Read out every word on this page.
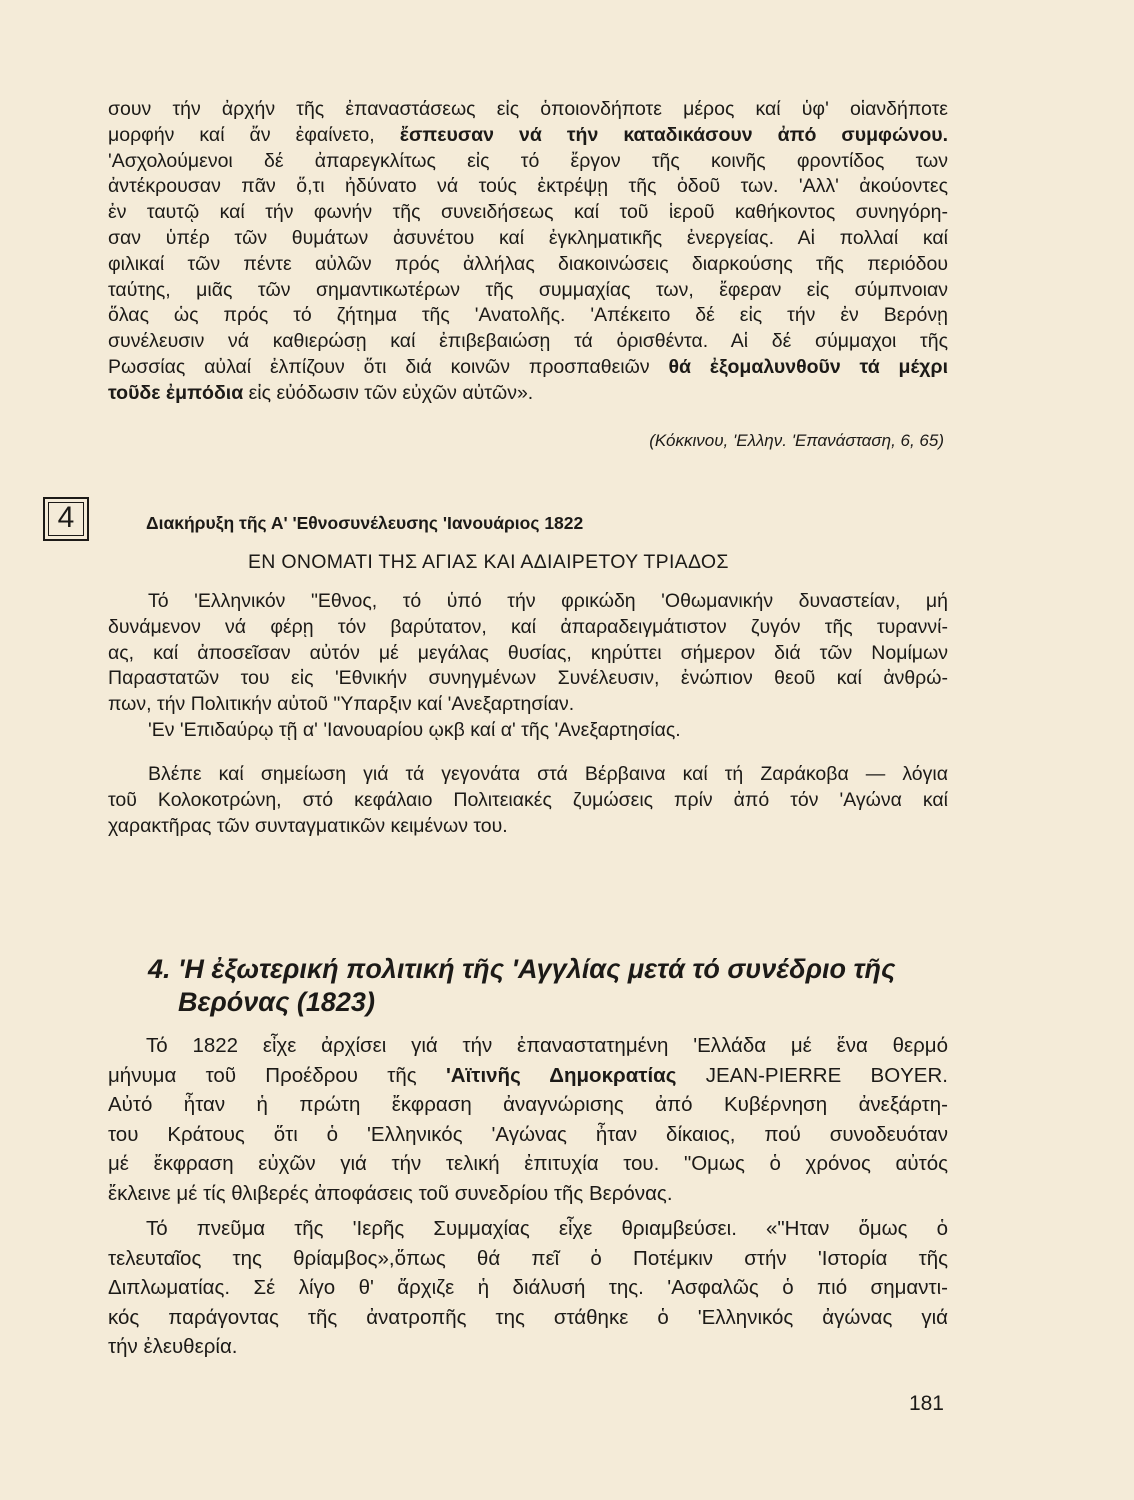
σουν τήν ἀρχήν τῆς ἐπαναστάσεως εἰς ὁποιονδήποτε μέρος καί ὑφ' οἱανδήποτε
μορφήν καί ἄν ἐφαίνετο, ἔσπευσαν νά τήν καταδικάσουν ἀπό συμφώνου.
'Ασχολούμενοι δέ ἀπαρεγκλίτως εἰς τό ἔργον τῆς κοινῆς φροντίδος των
ἀντέκρουσαν πᾶν ὅ,τι ἠδύνατο νά τούς ἐκτρέψῃ τῆς ὁδοῦ των. 'Αλλ' ἀκούοντες
ἐν ταυτῷ καί τήν φωνήν τῆς συνειδήσεως καί τοῦ ἱεροῦ καθήκοντος συνηγόρη-
σαν ὑπέρ τῶν θυμάτων ἀσυνέτου καί ἐγκληματικῆς ἐνεργείας. Αἱ πολλαί καί
φιλικαί τῶν πέντε αὐλῶν πρός ἀλλήλας διακοινώσεις διαρκούσης τῆς περιόδου
ταύτης, μιᾶς τῶν σημαντικωτέρων τῆς συμμαχίας των, ἔφεραν εἰς σύμπνοιαν
ὅλας ὡς πρός τό ζήτημα τῆς 'Ανατολῆς. 'Απέκειτο δέ εἰς τήν ἐν Βερόνῃ
συνέλευσιν νά καθιερώσῃ καί ἐπιβεβαιώσῃ τά ὁρισθέντα. Αἱ δέ σύμμαχοι τῆς
Ρωσσίας αὐλαί ἐλπίζουν ὅτι διά κοινῶν προσπαθειῶν θά ἐξομαλυνθοῦν τά μέχρι
τοῦδε ἐμπόδια εἰς εὐόδωσιν τῶν εὐχῶν αὐτῶν».
(Κόκκινου, 'Ελλην. 'Επανάσταση, 6, 65)
4	Διακήρυξη τῆς Α' 'Εθνοσυνέλευσης 'Ιανουάριος 1822
ΕΝ ΟΝΟΜΑΤΙ ΤΗΣ ΑΓΙΑΣ ΚΑΙ ΑΔΙΑΙΡΕΤΟΥ ΤΡΙΑΔΟΣ
Τό 'Ελληνικόν "Εθνος, τό ὑπό τήν φρικώδη 'Οθωμανικήν δυναστείαν, μή
δυνάμενον νά φέρῃ τόν βαρύτατον, καί ἀπαραδειγμάτιστον ζυγόν τῆς τυραννί-
ας, καί ἀποσεῖσαν αὐτόν μέ μεγάλας θυσίας, κηρύττει σήμερον διά τῶν Νομίμων
Παραστατῶν του εἰς 'Εθνικήν συνηγμένων Συνέλευσιν, ἐνώπιον θεοῦ καί ἀνθρώ-
πων, τήν Πολιτικήν αὐτοῦ "Υπαρξιν καί 'Ανεξαρτησίαν.
'Εν 'Επιδαύρῳ τῇ α' 'Ιανουαρίου ῳκβ καί α' τῆς 'Ανεξαρτησίας.
Βλέπε καί σημείωση γιά τά γεγονάτα στά Βέρβαινα καί τή Ζαράκοβα — λόγια
τοῦ Κολοκοτρώνη, στό κεφάλαιο Πολιτειακές ζυμώσεις πρίν ἀπό τόν 'Αγώνα καί
χαρακτῆρας τῶν συνταγματικῶν κειμένων του.
4. 'Η ἐξωτερική πολιτική τῆς 'Αγγλίας μετά τό συνέδριο τῆς
Βερόνας (1823)
Τό 1822 εἶχε ἀρχίσει γιά τήν ἐπαναστατημένη 'Ελλάδα μέ ἕνα θερμό
μήνυμα τοῦ Προέδρου τῆς 'Αϊτινῆς Δημοκρατίας JEAN-PIERRE BOYER.
Αὐτό ἦταν ἡ πρώτη ἔκφραση ἀναγνώρισης ἀπό Κυβέρνηση ἀνεξάρτη-
του Κράτους ὅτι ὁ 'Ελληνικός 'Αγώνας ἦταν δίκαιος, πού συνοδευόταν
μέ ἔκφραση εὐχῶν γιά τήν τελική ἐπιτυχία του. "Ομως ὁ χρόνος αὐτός
ἔκλεινε μέ τίς θλιβερές ἀποφάσεις τοῦ συνεδρίου τῆς Βερόνας.
Τό πνεῦμα τῆς 'Ιερῆς Συμμαχίας εἶχε θριαμβεύσει. «"Ηταν ὅμως ὁ
τελευταῖος της θρίαμβος»,ὅπως θά πεῖ ὁ Ποτέμκιν στήν 'Ιστορία τῆς
Διπλωματίας. Σέ λίγο θ' ἄρχιζε ἡ διάλυσή της. 'Ασφαλῶς ὁ πιό σημαντι-
κός παράγοντας τῆς ἀνατροπῆς της στάθηκε ὁ 'Ελληνικός ἀγώνας γιά
τήν ἐλευθερία.
181
